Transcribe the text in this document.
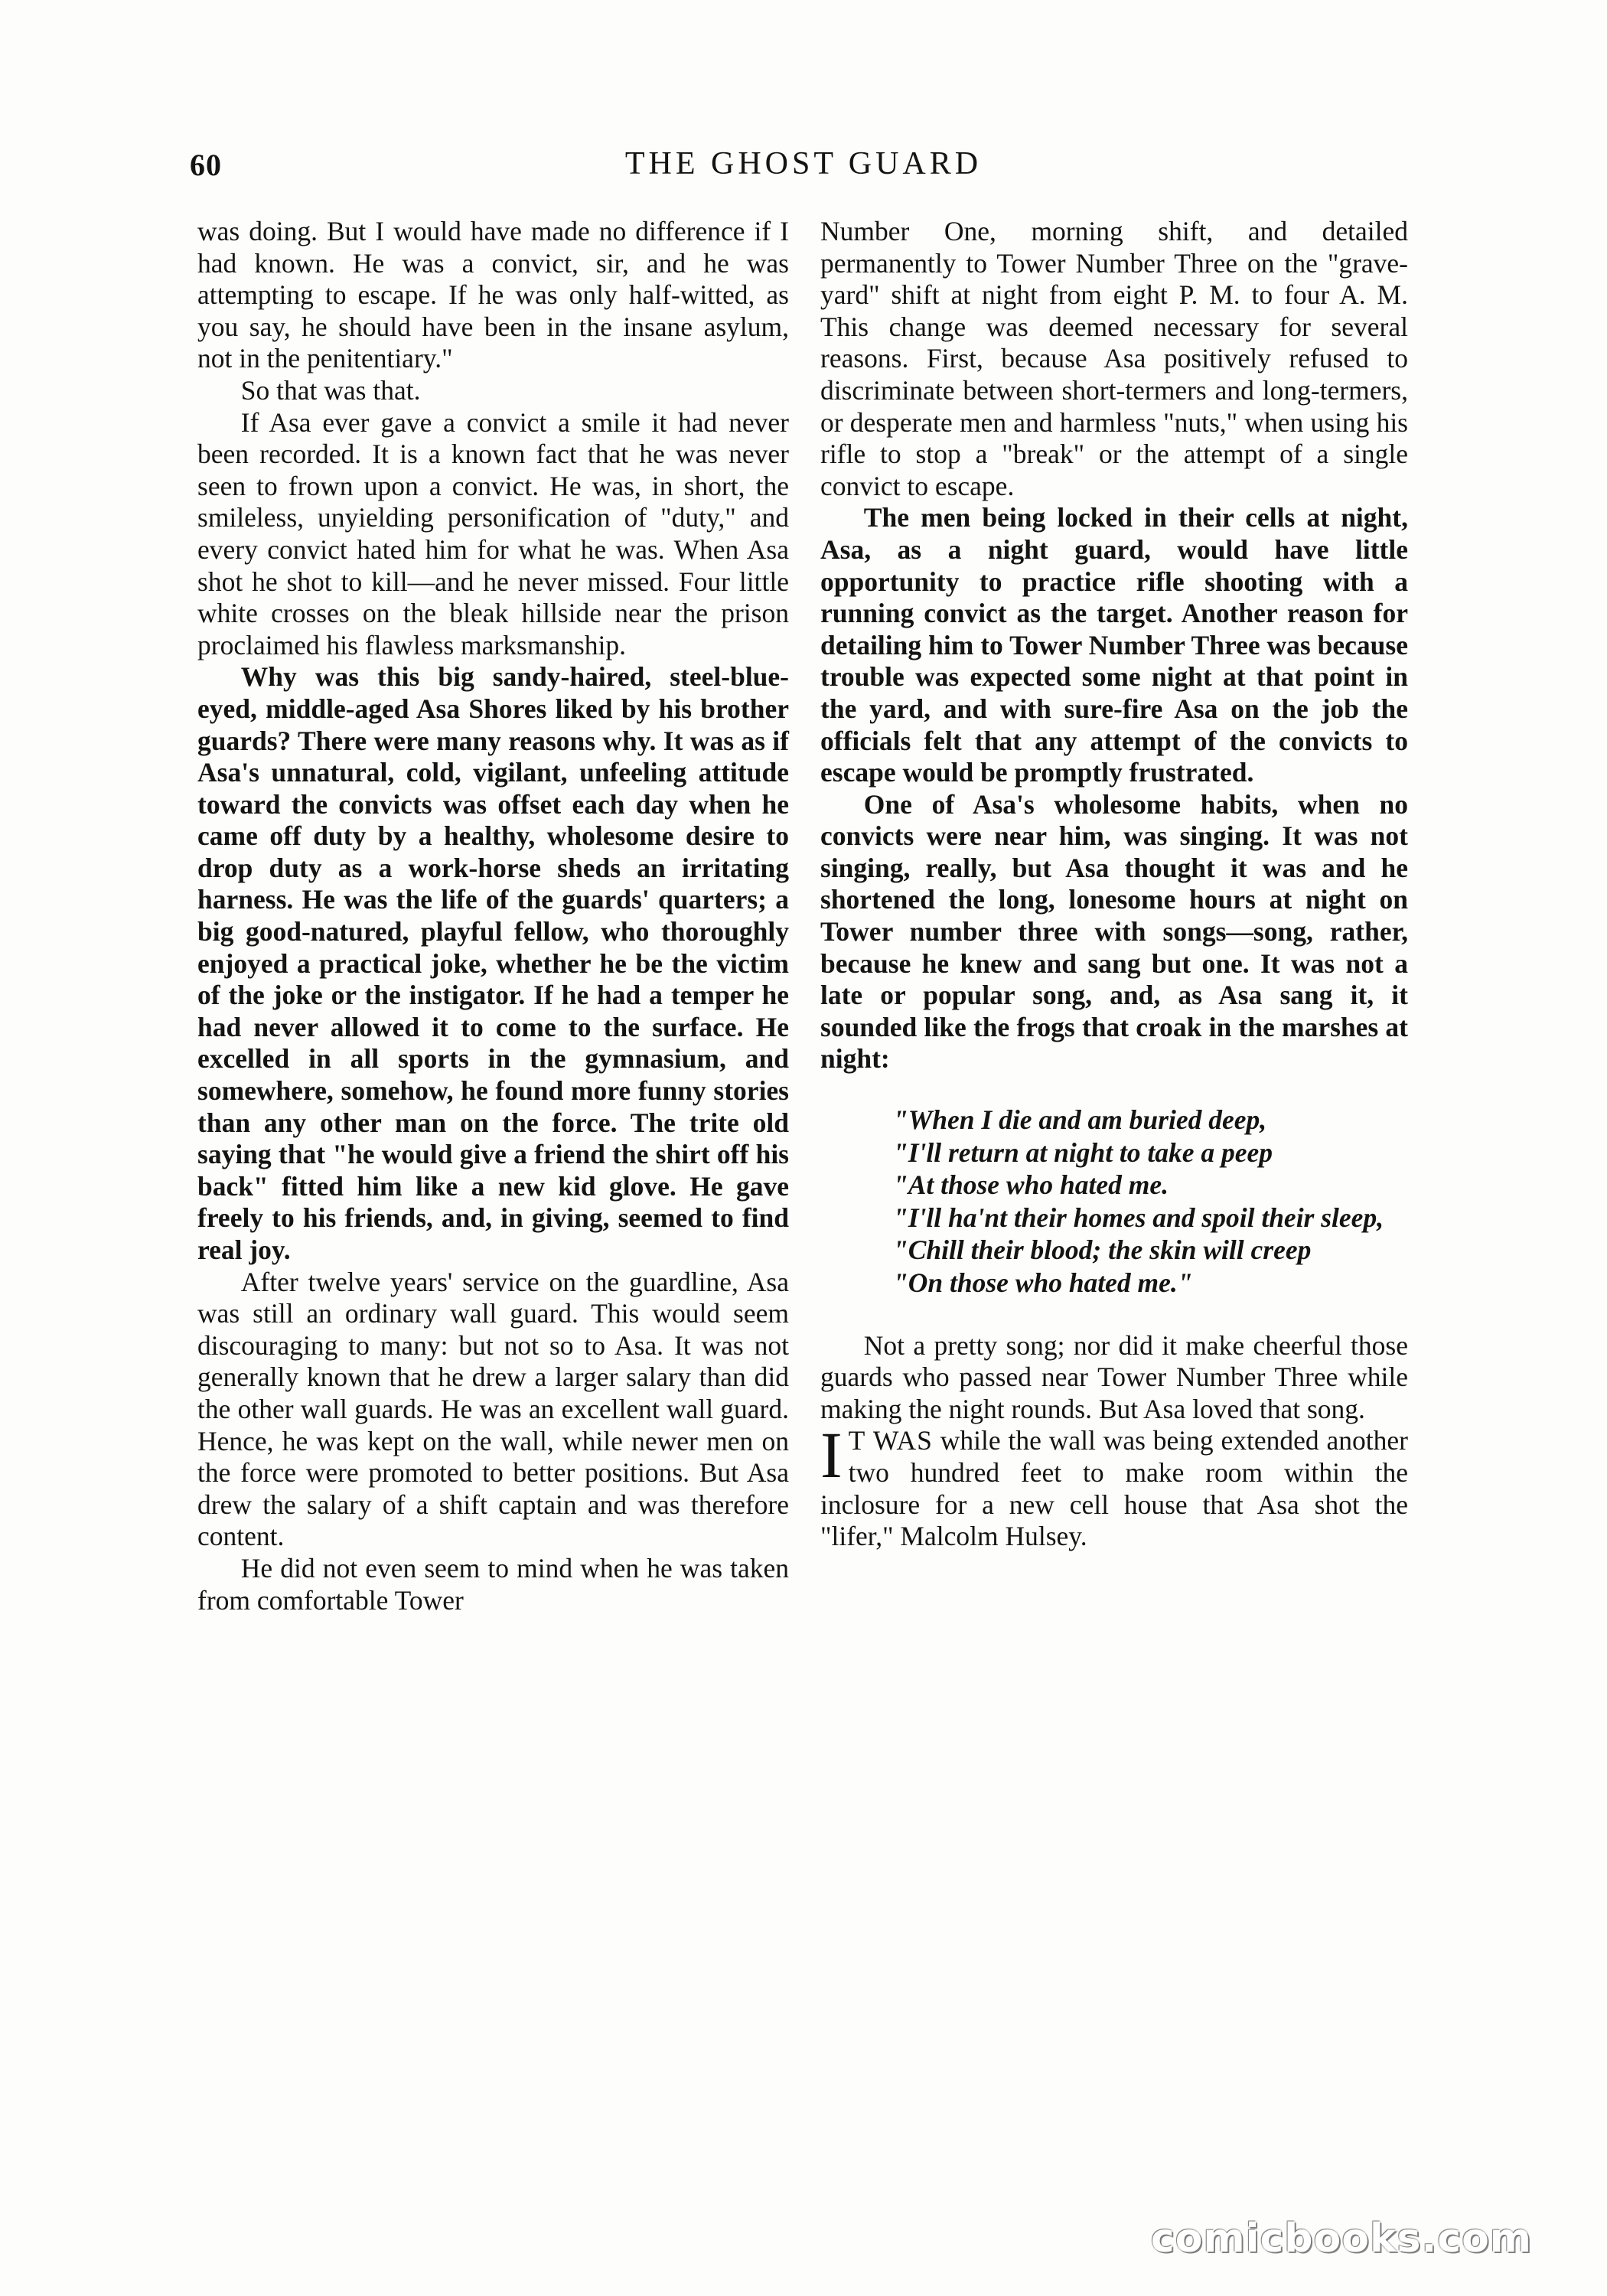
60	THE GHOST GUARD

was doing. But I would have made no difference if I had known. He was a convict, sir, and he was attempting to escape. If he was only half-witted, as you say, he should have been in the insane asylum, not in the penitentiary."

So that was that.

If Asa ever gave a convict a smile it had never been recorded. It is a known fact that he was never seen to frown upon a convict. He was, in short, the smileless, unyielding personification of "duty," and every convict hated him for what he was. When Asa shot he shot to kill—and he never missed. Four little white crosses on the bleak hillside near the prison proclaimed his flawless marksmanship.

Why was this big sandy-haired, steel-blue-eyed, middle-aged Asa Shores liked by his brother guards? There were many reasons why. It was as if Asa's unnatural, cold, vigilant, unfeeling attitude toward the convicts was offset each day when he came off duty by a healthy, wholesome desire to drop duty as a work-horse sheds an irritating harness. He was the life of the guards' quarters; a big good-natured, playful fellow, who thoroughly enjoyed a practical joke, whether he be the victim of the joke or the instigator. If he had a temper he had never allowed it to come to the surface. He excelled in all sports in the gymnasium, and somewhere, somehow, he found more funny stories than any other man on the force. The trite old saying that "he would give a friend the shirt off his back" fitted him like a new kid glove. He gave freely to his friends, and, in giving, seemed to find real joy.

After twelve years' service on the guardline, Asa was still an ordinary wall guard. This would seem discouraging to many: but not so to Asa. It was not generally known that he drew a larger salary than did the other wall guards. He was an excellent wall guard. Hence, he was kept on the wall, while newer men on the force were promoted to better positions. But Asa drew the salary of a shift captain and was therefore content.

He did not even seem to mind when he was taken from comfortable Tower

Number One, morning shift, and detailed permanently to Tower Number Three on the "grave-yard" shift at night from eight P. M. to four A. M. This change was deemed necessary for several reasons. First, because Asa positively refused to discriminate between short-termers and long-termers, or desperate men and harmless "nuts," when using his rifle to stop a "break" or the attempt of a single convict to escape.

The men being locked in their cells at night, Asa, as a night guard, would have little opportunity to practice rifle shooting with a running convict as the target. Another reason for detailing him to Tower Number Three was because trouble was expected some night at that point in the yard, and with sure-fire Asa on the job the officials felt that any attempt of the convicts to escape would be promptly frustrated.

One of Asa's wholesome habits, when no convicts were near him, was singing. It was not singing, really, but Asa thought it was and he shortened the long, lonesome hours at night on Tower number three with songs—song, rather, because he knew and sang but one. It was not a late or popular song, and, as Asa sang it, it sounded like the frogs that croak in the marshes at night:

"When I die and am buried deep,
"I'll return at night to take a peep
"At those who hated me.
"I'll ha'nt their homes and spoil their sleep,
"Chill their blood; the skin will creep
"On those who hated me."

Not a pretty song; nor did it make cheerful those guards who passed near Tower Number Three while making the night rounds. But Asa loved that song.

I T WAS while the wall was being extended another two hundred feet to make room within the inclosure for a new cell house that Asa shot the "lifer," Malcolm Hulsey.

comicbooks.com
